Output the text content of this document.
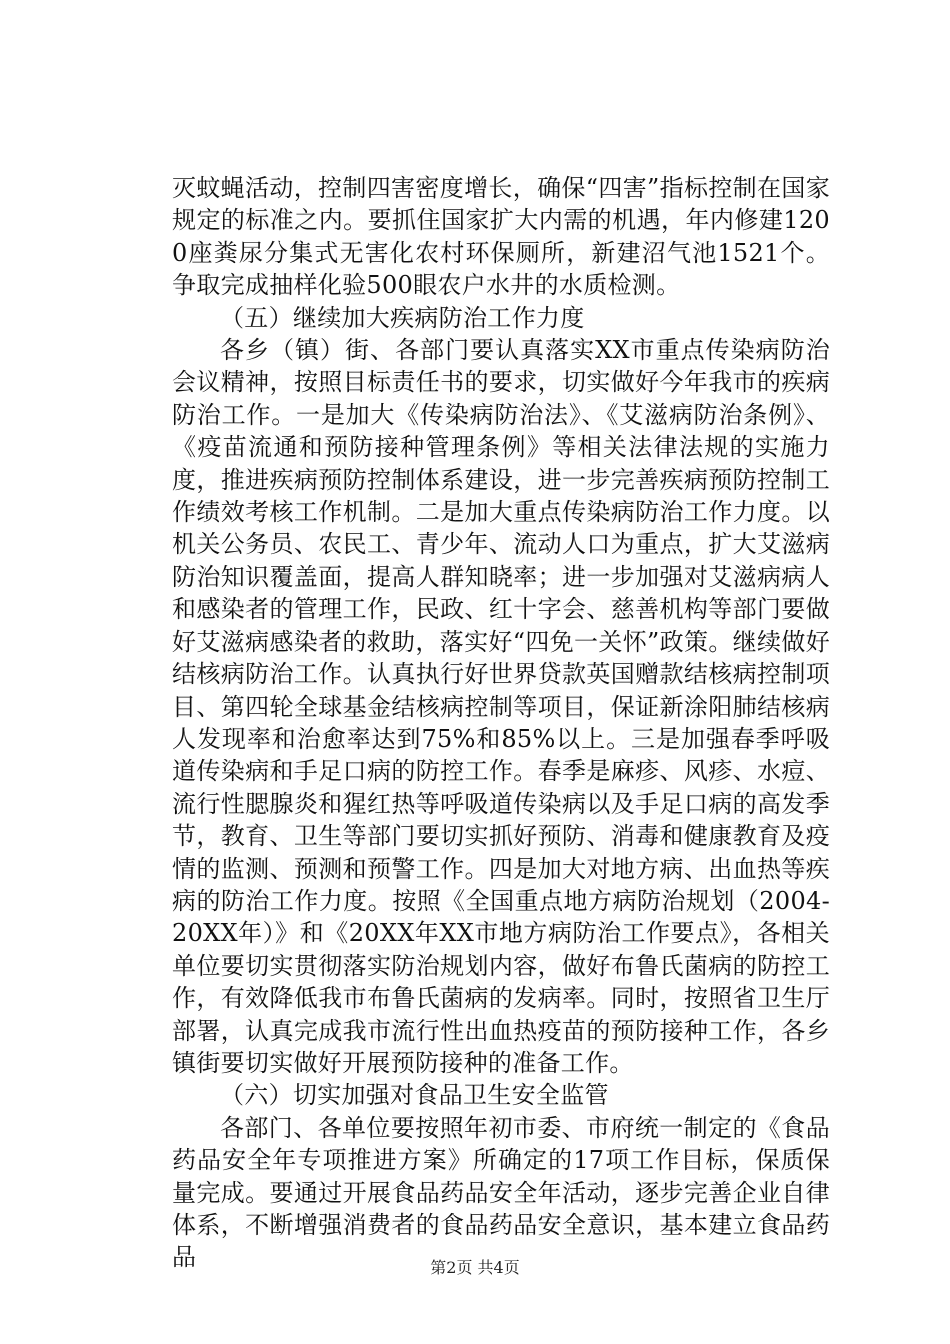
灭蚊蝇活动，控制四害密度增长，确保“四害”指标控制在国家规定的标准之内。要抓住国家扩大内需的机遇，年内修建1200座粪尿分集式无害化农村环保厕所，新建沼气池1521个。争取完成抽样化验500眼农户水井的水质检测。

（五）继续加大疾病防治工作力度

各乡（镇）街、各部门要认真落实XX市重点传染病防治会议精神，按照目标责任书的要求，切实做好今年我市的疾病防治工作。一是加大《传染病防治法》、《艾滋病防治条例》、《疫苗流通和预防接种管理条例》等相关法律法规的实施力度，推进疾病预防控制体系建设，进一步完善疾病预防控制工作绩效考核工作机制。二是加大重点传染病防治工作力度。以机关公务员、农民工、青少年、流动人口为重点，扩大艾滋病防治知识覆盖面，提高人群知晓率；进一步加强对艾滋病病人和感染者的管理工作，民政、红十字会、慈善机构等部门要做好艾滋病感染者的救助，落实好“四免一关怀”政策。继续做好结核病防治工作。认真执行好世界贷款英国赠款结核病控制项目、第四轮全球基金结核病控制等项目，保证新涂阳肺结核病人发现率和治愈率达到75%和85%以上。三是加强春季呼吸道传染病和手足口病的防控工作。春季是麻疹、风疹、水痘、流行性腮腺炎和猩红热等呼吸道传染病以及手足口病的高发季节，教育、卫生等部门要切实抓好预防、消毒和健康教育及疫情的监测、预测和预警工作。四是加大对地方病、出血热等疾病的防治工作力度。按照《全国重点地方病防治规划（2004-20XX年）》和《20XX年XX市地方病防治工作要点》，各相关单位要切实贯彻落实防治规划内容，做好布鲁氏菌病的防控工作，有效降低我市布鲁氏菌病的发病率。同时，按照省卫生厅部署，认真完成我市流行性出血热疫苗的预防接种工作，各乡镇街要切实做好开展预防接种的准备工作。

（六）切实加强对食品卫生安全监管

各部门、各单位要按照年初市委、市府统一制定的《食品药品安全年专项推进方案》所确定的17项工作目标，保质保量完成。要通过开展食品药品安全年活动，逐步完善企业自律体系，不断增强消费者的食品药品安全意识，基本建立食品药品	第2页 共4页
